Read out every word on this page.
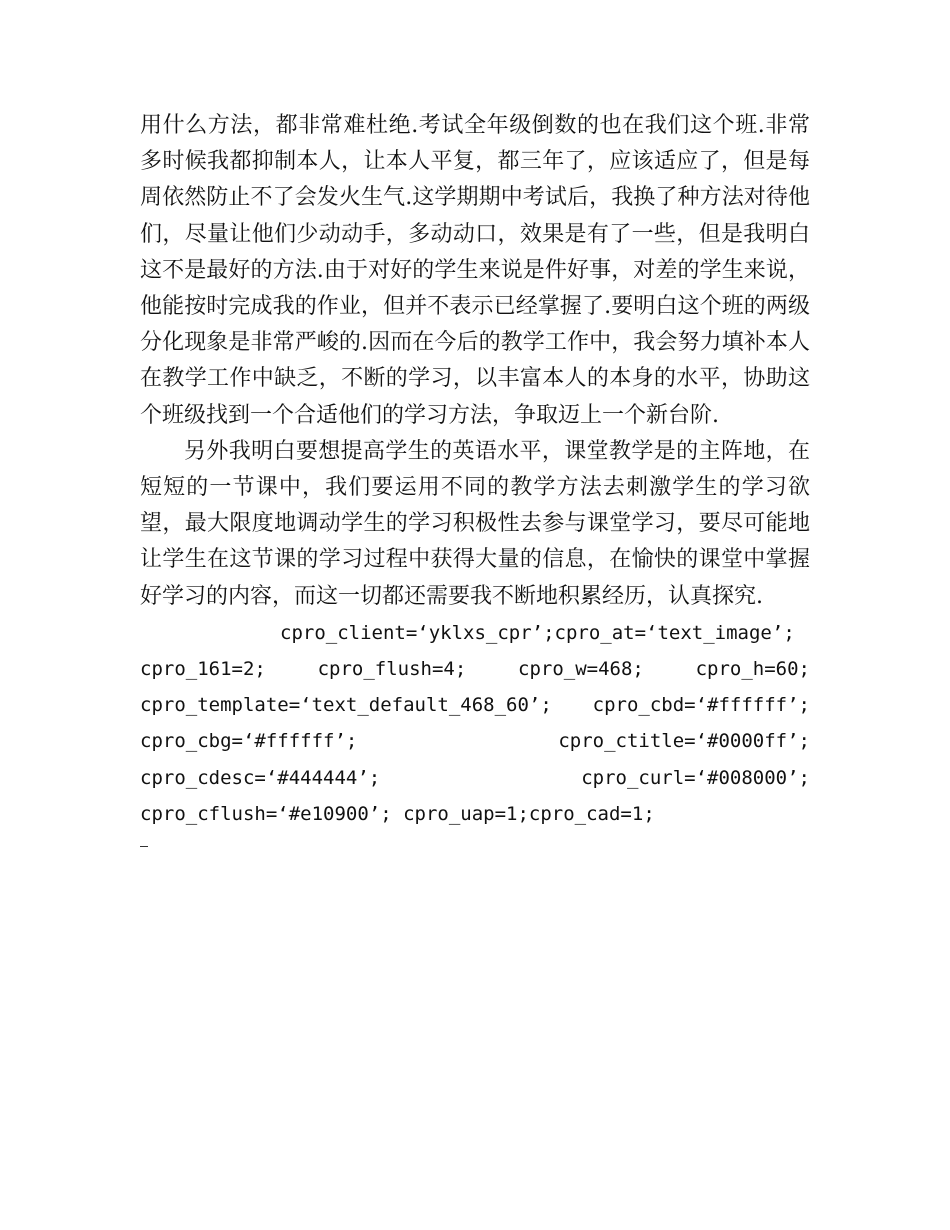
用什么方法，都非常难杜绝.考试全年级倒数的也在我们这个班.非常多时候我都抑制本人，让本人平复，都三年了，应该适应了，但是每周依然防止不了会发火生气.这学期期中考试后，我换了种方法对待他们，尽量让他们少动动手，多动动口，效果是有了一些，但是我明白这不是最好的方法.由于对好的学生来说是件好事，对差的学生来说，他能按时完成我的作业，但并不表示已经掌握了.要明白这个班的两级分化现象是非常严峻的.因而在今后的教学工作中，我会努力填补本人在教学工作中缺乏，不断的学习，以丰富本人的本身的水平，协助这个班级找到一个合适他们的学习方法，争取迈上一个新台阶.

另外我明白要想提高学生的英语水平，课堂教学是的主阵地，在短短的一节课中，我们要运用不同的教学方法去刺激学生的学习欲望，最大限度地调动学生的学习积极性去参与课堂学习，要尽可能地让学生在这节课的学习过程中获得大量的信息，在愉快的课堂中掌握好学习的内容，而这一切都还需要我不断地积累经历，认真探究.

cpro_client=‘yklxs_cpr’;cpro_at=‘text_image’;
cpro_161=2;	cpro_flush=4;	cpro_w=468;	cpro_h=60;
cpro_template=‘text_default_468_60’; cpro_cbd=‘#ffffff’;
cpro_cbg=‘#ffffff’;	cpro_ctitle=‘#0000ff’;
cpro_cdesc=‘#444444’;	cpro_curl=‘#008000’;
cpro_cflush=‘#e10900’; cpro_uap=1;cpro_cad=1;
